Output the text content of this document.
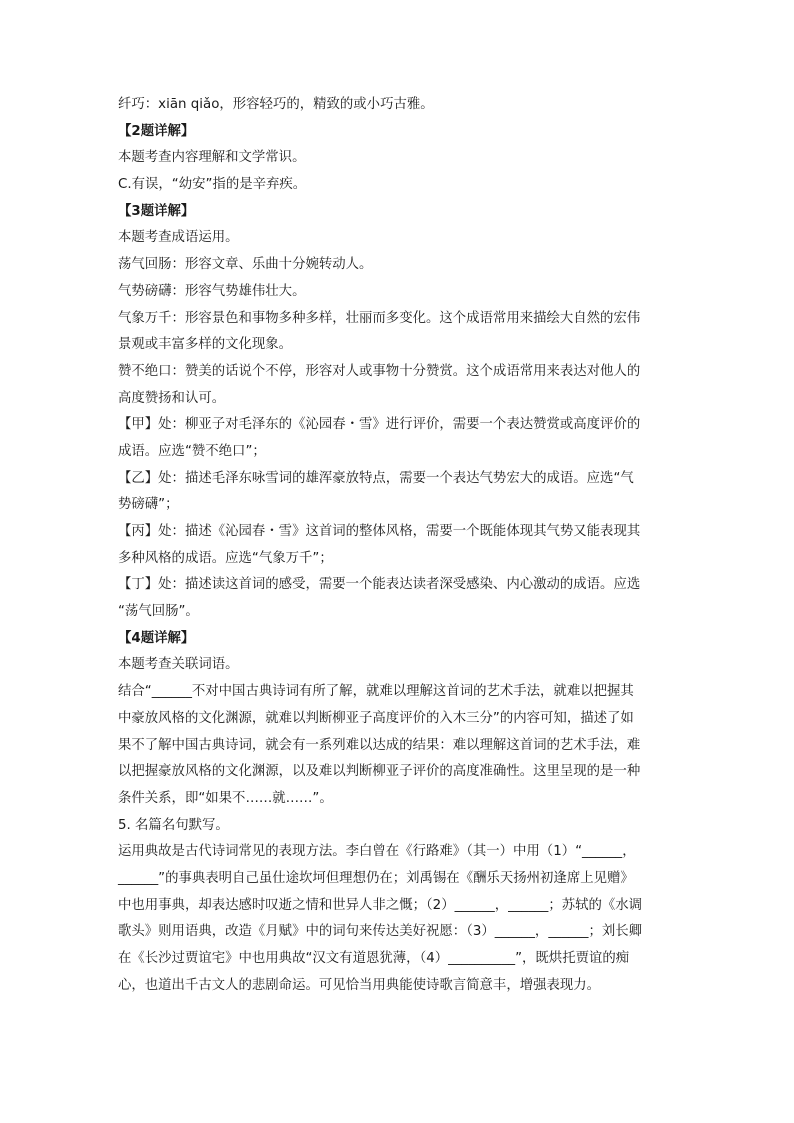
纤巧：xiān qiǎo，形容轻巧的，精致的或小巧古雅。
【2题详解】
本题考查内容理解和文学常识。
C.有误，“幼安”指的是辛弃疾。
【3题详解】
本题考查成语运用。
荡气回肠：形容文章、乐曲十分婉转动人。
气势磅礴：形容气势雄伟壮大。
气象万千：形容景色和事物多种多样，壮丽而多变化。这个成语常用来描绘大自然的宏伟
景观或丰富多样的文化现象。
赞不绝口：赞美的话说个不停，形容对人或事物十分赞赏。这个成语常用来表达对他人的
高度赞扬和认可。
【甲】处：柳亚子对毛泽东的《沁园春・雪》进行评价，需要一个表达赞赏或高度评价的
成语。应选“赞不绝口”；
【乙】处：描述毛泽东咏雪词的雄浑豪放特点，需要一个表达气势宏大的成语。应选“气
势磅礴”；
【丙】处：描述《沁园春・雪》这首词的整体风格，需要一个既能体现其气势又能表现其
多种风格的成语。应选“气象万千”；
【丁】处：描述读这首词的感受，需要一个能表达读者深受感染、内心激动的成语。应选
“荡气回肠”。
【4题详解】
本题考查关联词语。
结合“______不对中国古典诗词有所了解，就难以理解这首词的艺术手法，就难以把握其
中豪放风格的文化渊源，就难以判断柳亚子高度评价的入木三分”的内容可知，描述了如
果不了解中国古典诗词，就会有一系列难以达成的结果：难以理解这首词的艺术手法，难
以把握豪放风格的文化渊源，以及难以判断柳亚子评价的高度准确性。这里呈现的是一种
条件关系，即“如果不……就……”。
5. 名篇名句默写。
运用典故是古代诗词常见的表现方法。李白曾在《行路难》（其一）中用（1）“______，
______”的事典表明自己虽仕途坎坷但理想仍在；刘禹锡在《酬乐天扬州初逢席上见赠》
中也用事典，却表达感时叹逝之情和世异人非之慨；（2）______，______；苏轼的《水调
歌头》则用语典，改造《月赋》中的词句来传达美好祝愿：（3）______，______；刘长卿
在《长沙过贾谊宅》中也用典故“汉文有道恩犹薄，（4）__________”，既烘托贾谊的痴
心，也道出千古文人的悲剧命运。可见恰当用典能使诗歌言简意丰，增强表现力。
